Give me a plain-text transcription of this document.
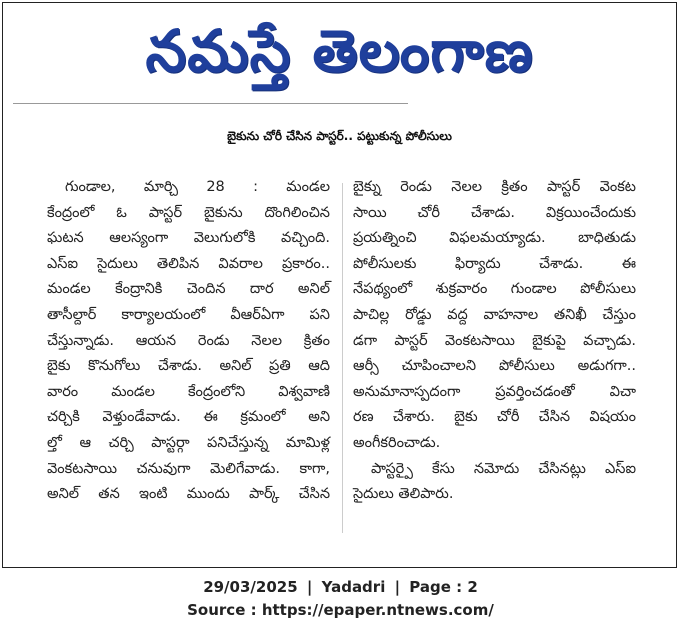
నమస్తే తెలంగాణ
బైకును చోరీ చేసిన పాస్టర్.. పట్టుకున్న పోలీసులు
గుండాల, మార్చి 28 : మండల
కేంద్రంలో ఓ పాస్టర్ బైకును దొంగిలించిన
ఘటన ఆలస్యంగా వెలుగులోకి వచ్చింది.
ఎస్ఐ సైదులు తెలిపిన వివరాల ప్రకారం..
మండల కేంద్రానికి చెందిన దార అనిల్
తాసీల్దార్ కార్యాలయంలో వీఆర్ఏగా పని
చేస్తున్నాడు. ఆయన రెండు నెలల క్రితం
బైకు కొనుగోలు చేశాడు. అనిల్ ప్రతి ఆది
వారం మండల కేంద్రంలోని విశ్వవాణి
చర్చికి వెళ్తుండేవాడు. ఈ క్రమంలో అని
ల్తో ఆ చర్చి పాస్టర్గా పనిచేస్తున్న మామిళ్ల
వెంకటసాయి చనువుగా మెలిగేవాడు. కాగా,
అనిల్ తన ఇంటి ముందు పార్క్ చేసిన
బైక్ను రెండు నెలల క్రితం పాస్టర్ వెంకట
సాయి చోరీ చేశాడు. విక్రయించేందుకు
ప్రయత్నించి విఫలమయ్యాడు. బాధితుడు
పోలీసులకు ఫిర్యాదు చేశాడు. ఈ
నేపథ్యంలో శుక్రవారం గుండాల పోలీసులు
పాచిల్ల రోడ్డు వద్ద వాహనాల తనిఖీ చేస్తుం
డగా పాస్టర్ వెంకటసాయి బైకుపై వచ్చాడు.
ఆర్సీ చూపించాలని పోలీసులు అడుగగా..
అనుమానాస్పదంగా ప్రవర్తించడంతో విచా
రణ చేశారు. బైకు చోరీ చేసిన విషయం
అంగీకరించాడు.
పాస్టర్పై కేసు నమోదు చేసినట్లు ఎస్ఐ
సైదులు తెలిపారు.
29/03/2025 | Yadadri | Page : 2
Source : https://epaper.ntnews.com/
